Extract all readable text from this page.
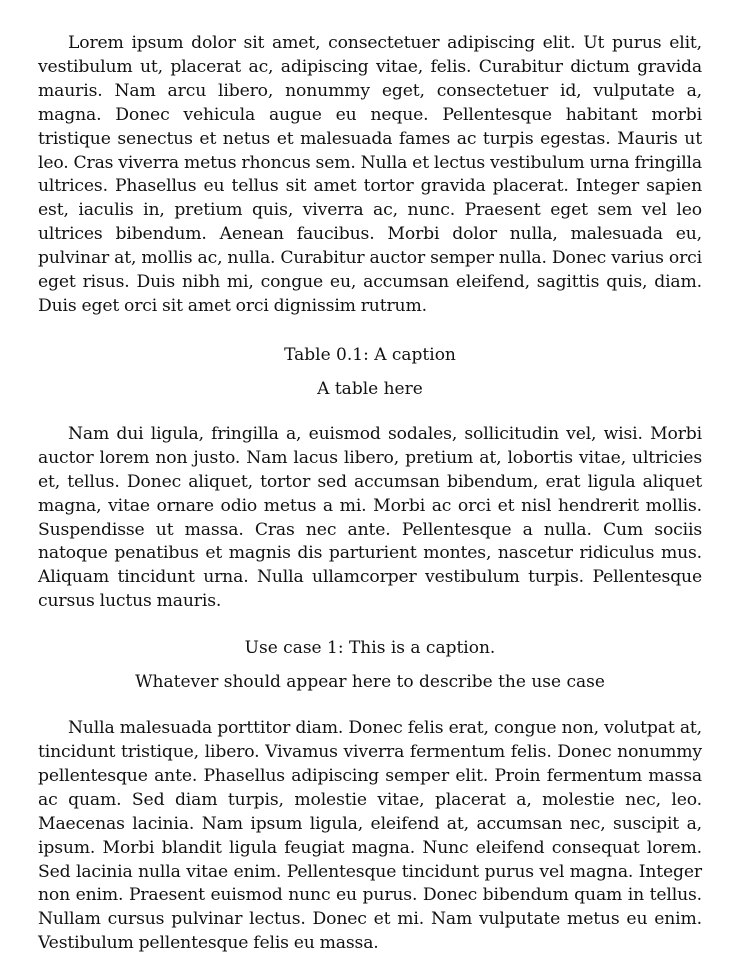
Lorem ipsum dolor sit amet, consectetuer adipiscing elit. Ut purus elit, vestibulum ut, placerat ac, adipiscing vitae, felis. Curabitur dictum gravida mauris. Nam arcu libero, nonummy eget, consectetuer id, vulputate a, magna. Donec vehicula augue eu neque. Pellentesque habitant morbi tristique senectus et netus et malesuada fames ac turpis egestas. Mauris ut leo. Cras viverra metus rhoncus sem. Nulla et lectus vestibulum urna fringilla ultrices. Phasellus eu tellus sit amet tortor gravida placerat. Integer sapien est, iaculis in, pretium quis, viverra ac, nunc. Praesent eget sem vel leo ultrices bibendum. Aenean faucibus. Morbi dolor nulla, malesuada eu, pulvinar at, mollis ac, nulla. Curabitur auctor semper nulla. Donec varius orci eget risus. Duis nibh mi, congue eu, accumsan eleifend, sagittis quis, diam. Duis eget orci sit amet orci dignissim rutrum.

Table 0.1: A caption

A table here

Nam dui ligula, fringilla a, euismod sodales, sollicitudin vel, wisi. Morbi auctor lorem non justo. Nam lacus libero, pretium at, lobortis vitae, ultricies et, tellus. Donec aliquet, tortor sed accumsan bibendum, erat ligula aliquet magna, vitae ornare odio metus a mi. Morbi ac orci et nisl hendrerit mollis. Suspendisse ut massa. Cras nec ante. Pellentesque a nulla. Cum sociis natoque penatibus et magnis dis parturient montes, nascetur ridiculus mus. Aliquam tincidunt urna. Nulla ullamcorper vestibulum turpis. Pellentesque cursus luctus mauris.

Use case 1: This is a caption.

Whatever should appear here to describe the use case

Nulla malesuada porttitor diam. Donec felis erat, congue non, volutpat at, tincidunt tristique, libero. Vivamus viverra fermentum felis. Donec nonummy pellentesque ante. Phasellus adipiscing semper elit. Proin fermentum massa ac quam. Sed diam turpis, molestie vitae, placerat a, molestie nec, leo. Maecenas lacinia. Nam ipsum ligula, eleifend at, accumsan nec, suscipit a, ipsum. Morbi blandit ligula feugiat magna. Nunc eleifend consequat lorem. Sed lacinia nulla vitae enim. Pellentesque tincidunt purus vel magna. Integer non enim. Praesent euismod nunc eu purus. Donec bibendum quam in tellus. Nullam cursus pulvinar lectus. Donec et mi. Nam vulputate metus eu enim. Vestibulum pellentesque felis eu massa.
